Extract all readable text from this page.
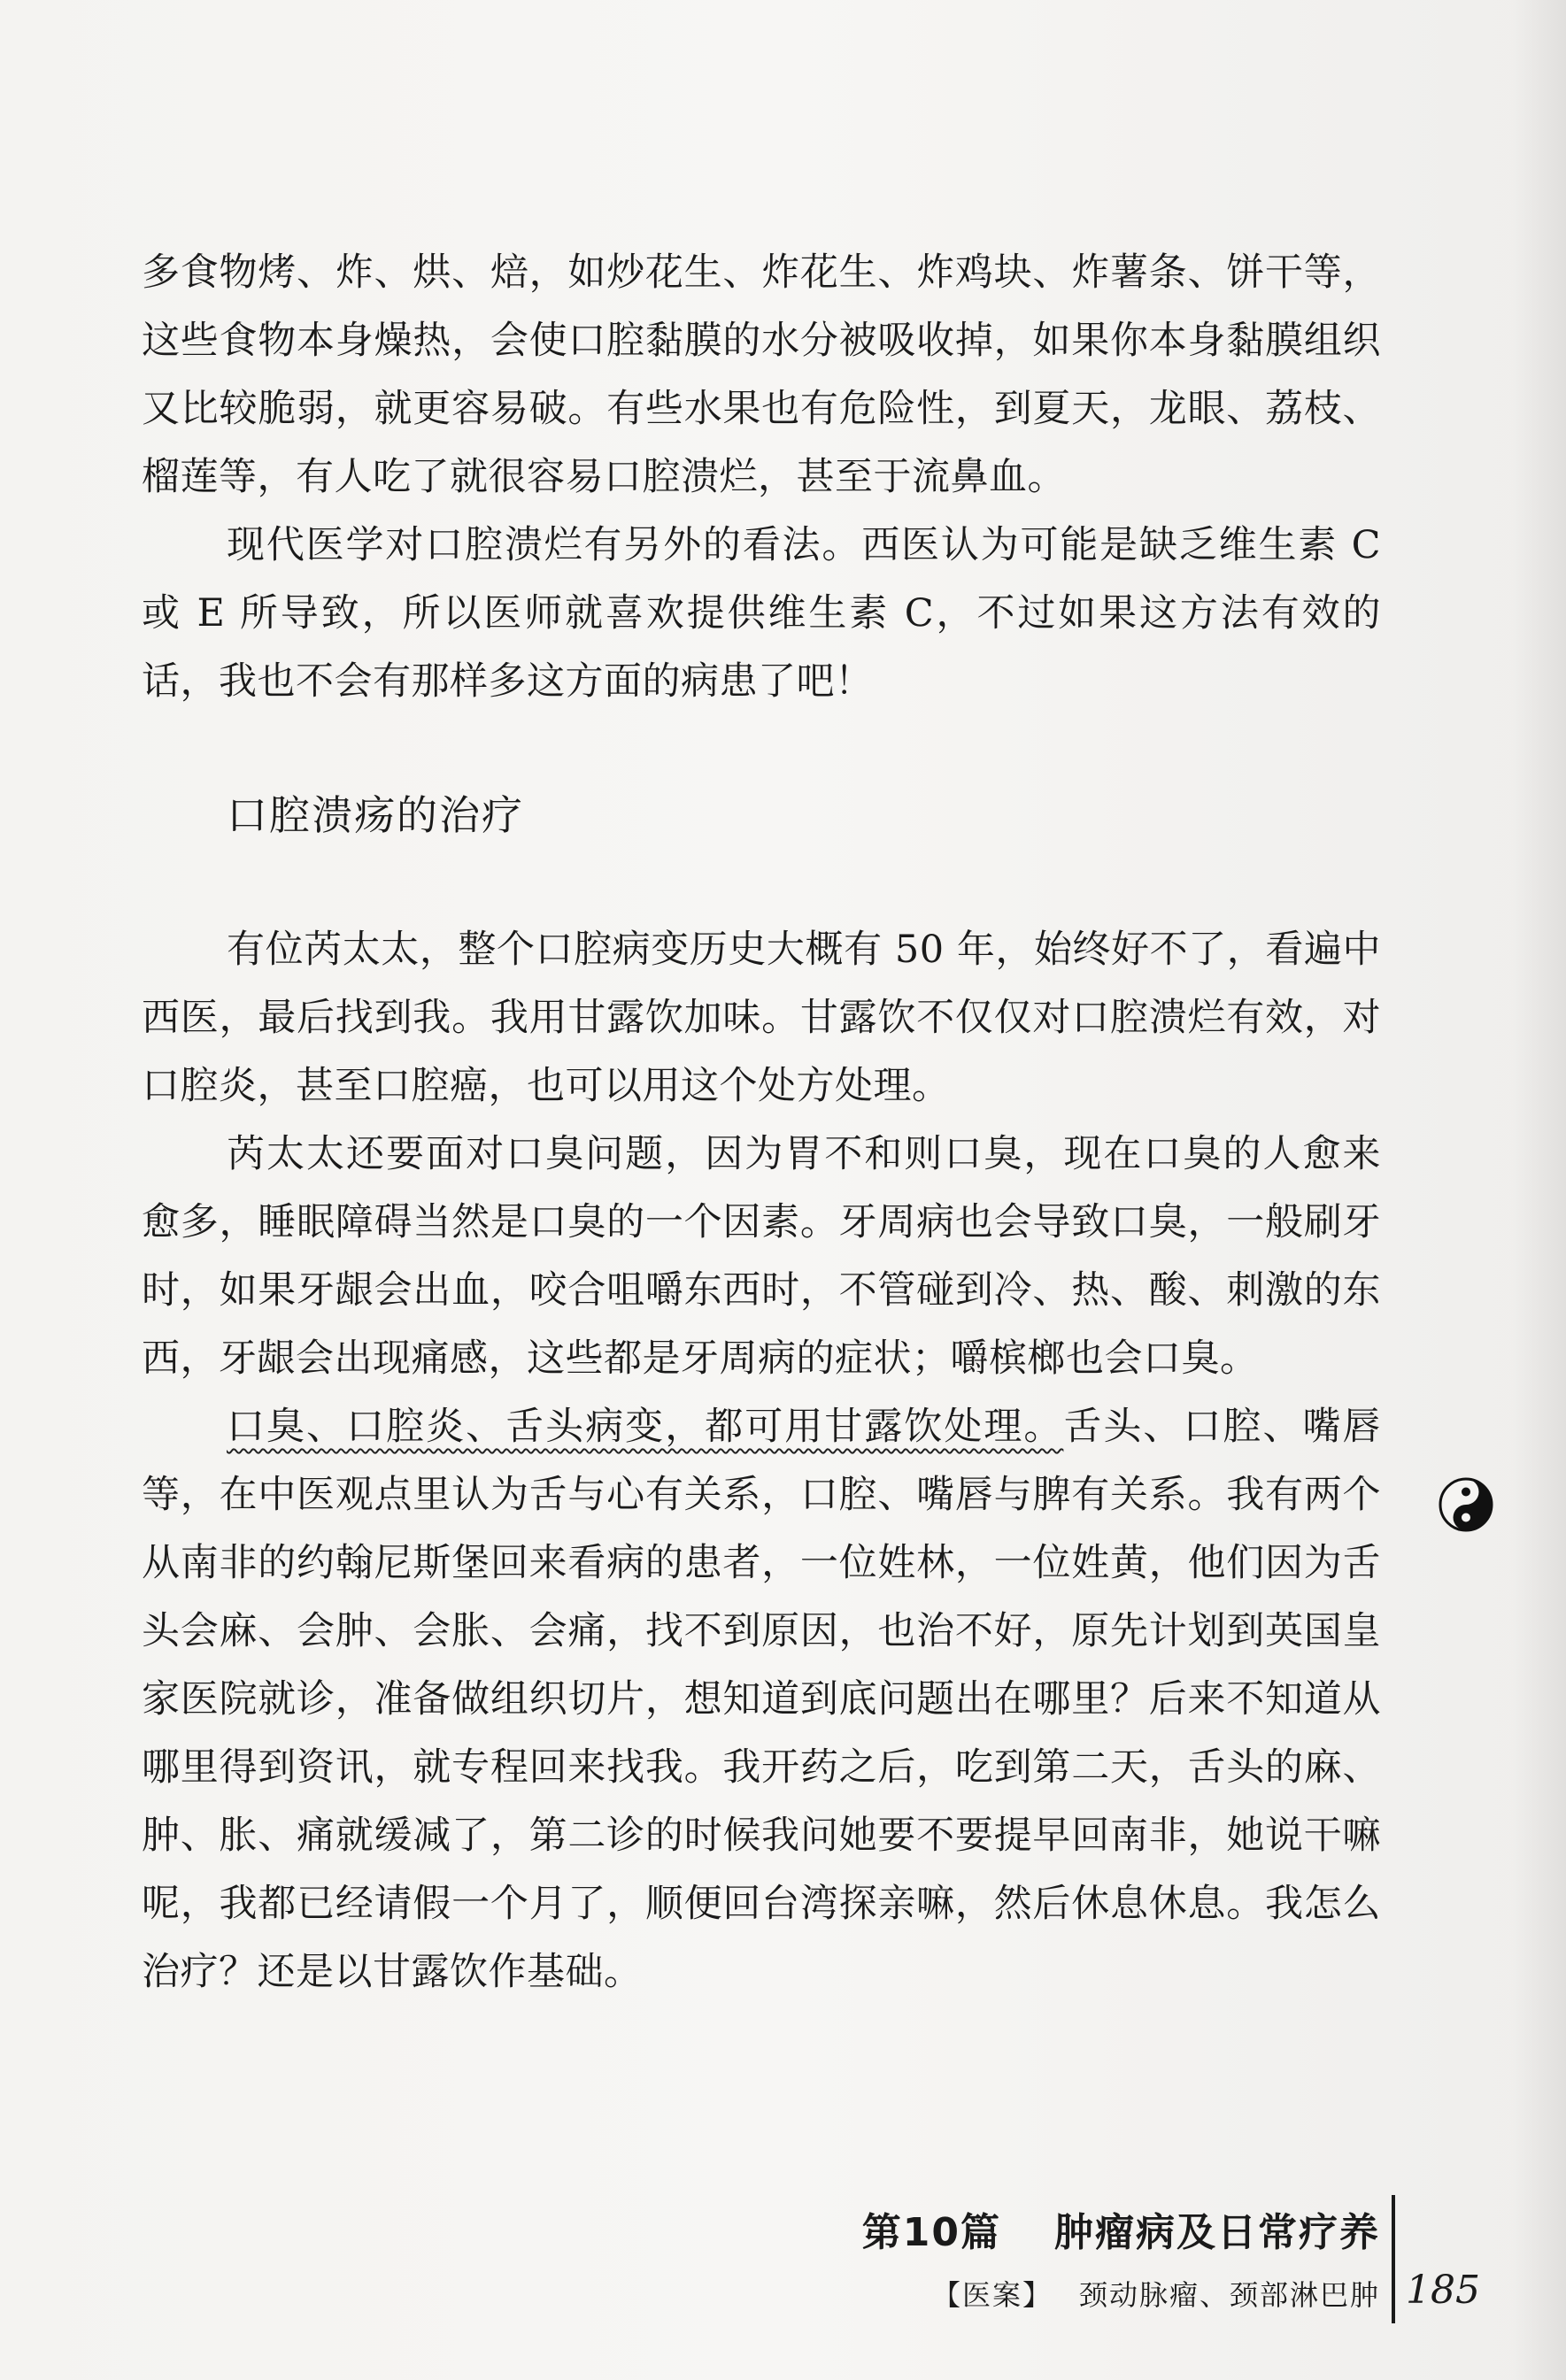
多食物烤、炸、烘、焙，如炒花生、炸花生、炸鸡块、炸薯条、饼干等，这些食物本身燥热，会使口腔黏膜的水分被吸收掉，如果你本身黏膜组织又比较脆弱，就更容易破。有些水果也有危险性，到夏天，龙眼、荔枝、榴莲等，有人吃了就很容易口腔溃烂，甚至于流鼻血。

现代医学对口腔溃烂有另外的看法。西医认为可能是缺乏维生素 C 或 E 所导致，所以医师就喜欢提供维生素 C，不过如果这方法有效的话，我也不会有那样多这方面的病患了吧！

口腔溃疡的治疗

有位芮太太，整个口腔病变历史大概有 50 年，始终好不了，看遍中西医，最后找到我。我用甘露饮加味。甘露饮不仅仅对口腔溃烂有效，对口腔炎，甚至口腔癌，也可以用这个处方处理。

芮太太还要面对口臭问题，因为胃不和则口臭，现在口臭的人愈来愈多，睡眠障碍当然是口臭的一个因素。牙周病也会导致口臭，一般刷牙时，如果牙龈会出血，咬合咀嚼东西时，不管碰到冷、热、酸、刺激的东西，牙龈会出现痛感，这些都是牙周病的症状；嚼槟榔也会口臭。

口臭、口腔炎、舌头病变，都可用甘露饮处理。舌头、口腔、嘴唇等，在中医观点里认为舌与心有关系，口腔、嘴唇与脾有关系。我有两个从南非的约翰尼斯堡回来看病的患者，一位姓林，一位姓黄，他们因为舌头会麻、会肿、会胀、会痛，找不到原因，也治不好，原先计划到英国皇家医院就诊，准备做组织切片，想知道到底问题出在哪里？后来不知道从哪里得到资讯，就专程回来找我。我开药之后，吃到第二天，舌头的麻、肿、胀、痛就缓减了，第二诊的时候我问她要不要提早回南非，她说干嘛呢，我都已经请假一个月了，顺便回台湾探亲嘛，然后休息休息。我怎么治疗？还是以甘露饮作基础。

第10篇 肿瘤病及日常疗养
【医案】 颈动脉瘤、颈部淋巴肿 185
